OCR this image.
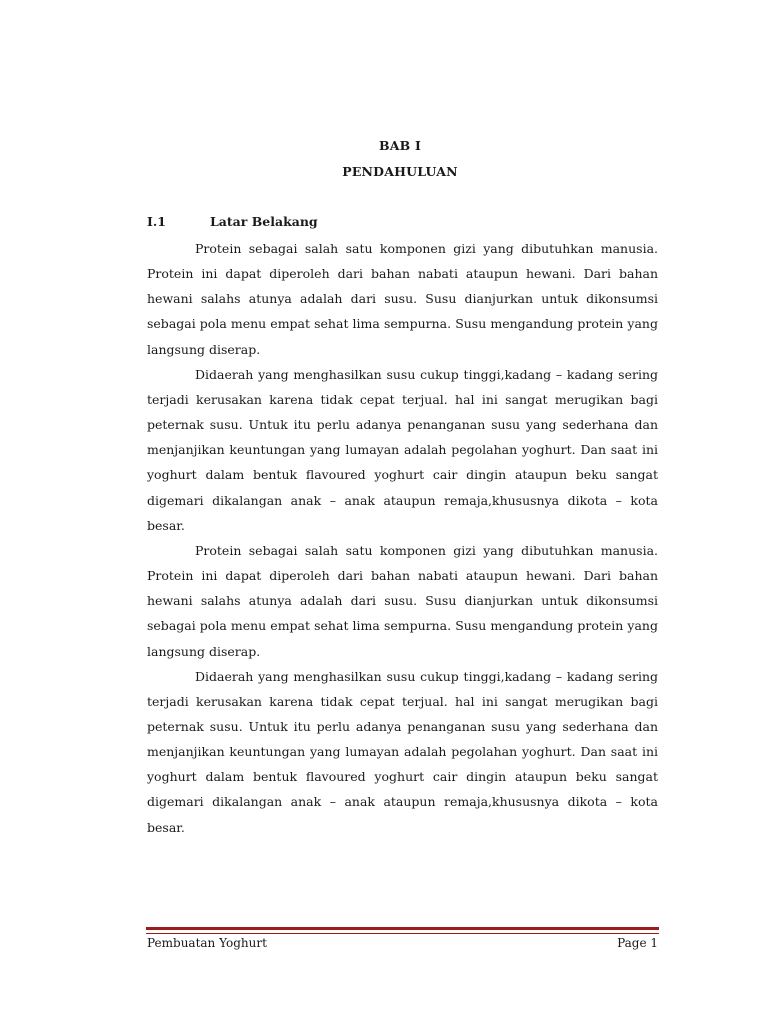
BAB I
PENDAHULUAN
I.1	Latar Belakang

Protein sebagai salah satu komponen gizi yang dibutuhkan manusia. Protein ini dapat diperoleh dari bahan nabati ataupun hewani. Dari bahan hewani salahs atunya adalah dari susu. Susu dianjurkan untuk dikonsumsi sebagai pola menu empat sehat lima sempurna. Susu mengandung protein yang langsung diserap.

Didaerah yang menghasilkan susu cukup tinggi,kadang – kadang sering terjadi kerusakan karena tidak cepat terjual. hal ini sangat merugikan bagi peternak susu. Untuk itu perlu adanya penanganan susu yang sederhana dan menjanjikan keuntungan yang lumayan adalah pegolahan yoghurt. Dan saat ini yoghurt dalam bentuk flavoured yoghurt cair dingin ataupun beku sangat digemari dikalangan anak – anak ataupun remaja,khususnya dikota – kota besar.

Protein sebagai salah satu komponen gizi yang dibutuhkan manusia. Protein ini dapat diperoleh dari bahan nabati ataupun hewani. Dari bahan hewani salahs atunya adalah dari susu. Susu dianjurkan untuk dikonsumsi sebagai pola menu empat sehat lima sempurna. Susu mengandung protein yang langsung diserap.

Didaerah yang menghasilkan susu cukup tinggi,kadang – kadang sering terjadi kerusakan karena tidak cepat terjual. hal ini sangat merugikan bagi peternak susu. Untuk itu perlu adanya penanganan susu yang sederhana dan menjanjikan keuntungan yang lumayan adalah pegolahan yoghurt. Dan saat ini yoghurt dalam bentuk flavoured yoghurt cair dingin ataupun beku sangat digemari dikalangan anak – anak ataupun remaja,khususnya dikota – kota besar.

Pembuatan Yoghurt	Page 1
